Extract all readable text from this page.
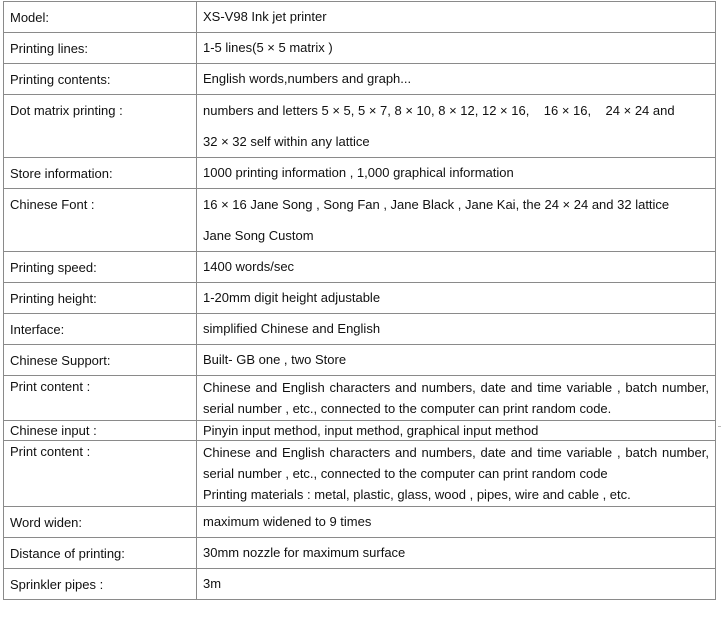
Model:	XS-V98 Ink jet printer
Printing lines:	1-5 lines(5 × 5 matrix )
Printing contents:	English words,numbers and graph...
Dot matrix printing :	numbers and letters 5 × 5, 5 × 7, 8 × 10, 8 × 12, 12 × 16,    16 × 16,    24 × 24 and
32 × 32 self within any lattice

Store information:	1000 printing information , 1,000 graphical information
Chinese Font :	16 × 16 Jane Song , Song Fan , Jane Black , Jane Kai, the 24 × 24 and 32 lattice
Jane Song Custom

Printing speed:	1400 words/sec
Printing height:	1-20mm digit height adjustable
Interface:	simplified Chinese and English
Chinese Support:	Built- GB one , two Store
Print content :	Chinese and English characters and numbers, date and time variable , batch number, serial number , etc., connected to the computer can print random code.
Chinese input :	Pinyin input method, input method, graphical input method
Print content :	Chinese and English characters and numbers, date and time variable , batch number, serial number , etc., connected to the computer can print random code
Printing materials : metal, plastic, glass, wood , pipes, wire and cable , etc.

Word widen:	maximum widened to 9 times
Distance of printing:	30mm nozzle for maximum surface
Sprinkler pipes :	3m
